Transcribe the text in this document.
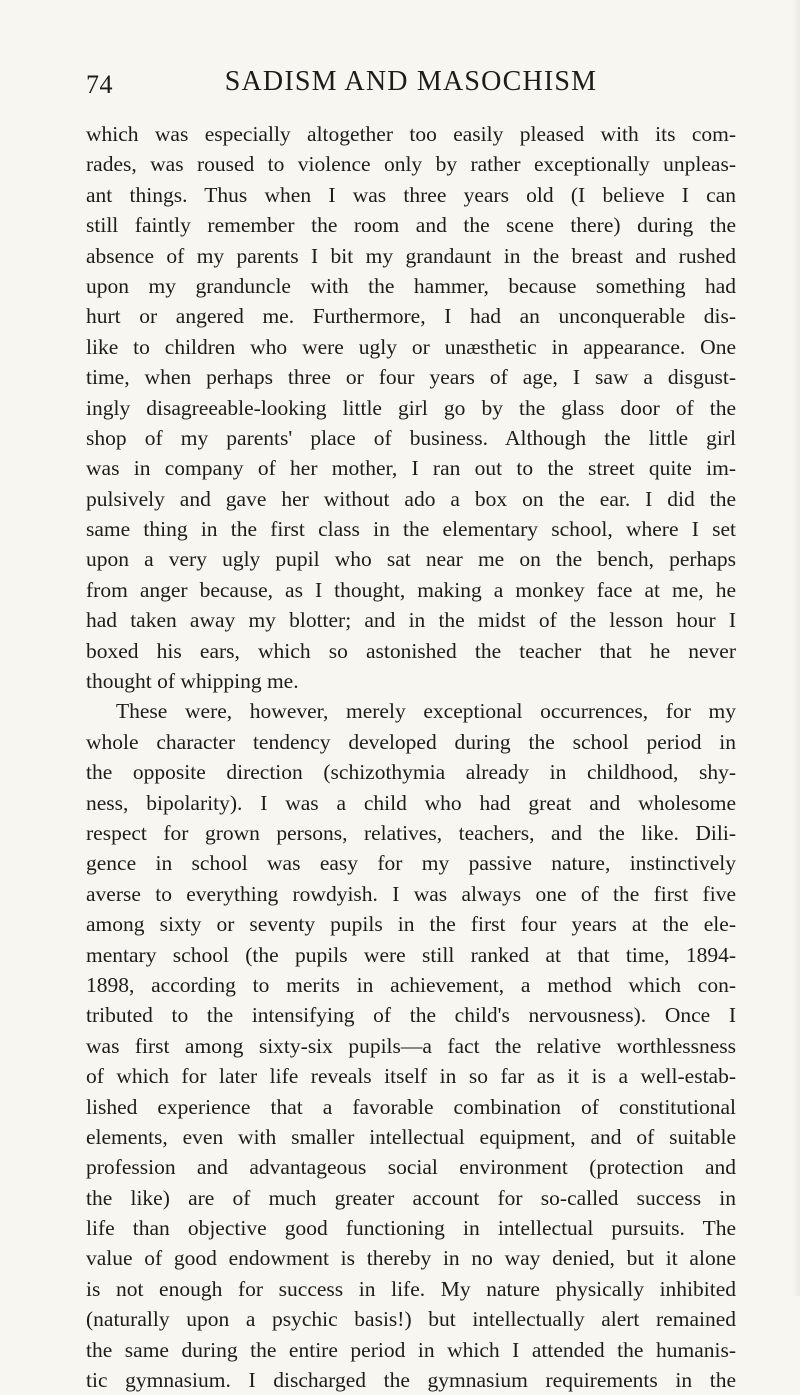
74	SADISM AND MASOCHISM
which was especially altogether too easily pleased with its com-
rades, was roused to violence only by rather exceptionally unpleas-
ant things. Thus when I was three years old (I believe I can
still faintly remember the room and the scene there) during the
absence of my parents I bit my grandaunt in the breast and rushed
upon my granduncle with the hammer, because something had
hurt or angered me. Furthermore, I had an unconquerable dis-
like to children who were ugly or unæsthetic in appearance. One
time, when perhaps three or four years of age, I saw a disgust-
ingly disagreeable-looking little girl go by the glass door of the
shop of my parents' place of business. Although the little girl
was in company of her mother, I ran out to the street quite im-
pulsively and gave her without ado a box on the ear. I did the
same thing in the first class in the elementary school, where I set
upon a very ugly pupil who sat near me on the bench, perhaps
from anger because, as I thought, making a monkey face at me, he
had taken away my blotter; and in the midst of the lesson hour I
boxed his ears, which so astonished the teacher that he never
thought of whipping me.
These were, however, merely exceptional occurrences, for my
whole character tendency developed during the school period in
the opposite direction (schizothymia already in childhood, shy-
ness, bipolarity). I was a child who had great and wholesome
respect for grown persons, relatives, teachers, and the like. Dili-
gence in school was easy for my passive nature, instinctively
averse to everything rowdyish. I was always one of the first five
among sixty or seventy pupils in the first four years at the ele-
mentary school (the pupils were still ranked at that time, 1894-
1898, according to merits in achievement, a method which con-
tributed to the intensifying of the child's nervousness). Once I
was first among sixty-six pupils—a fact the relative worthlessness
of which for later life reveals itself in so far as it is a well-estab-
lished experience that a favorable combination of constitutional
elements, even with smaller intellectual equipment, and of suitable
profession and advantageous social environment (protection and
the like) are of much greater account for so-called success in
life than objective good functioning in intellectual pursuits. The
value of good endowment is thereby in no way denied, but it alone
is not enough for success in life. My nature physically inhibited
(naturally upon a psychic basis!) but intellectually alert remained
the same during the entire period in which I attended the humanis-
tic gymnasium. I discharged the gymnasium requirements in the
